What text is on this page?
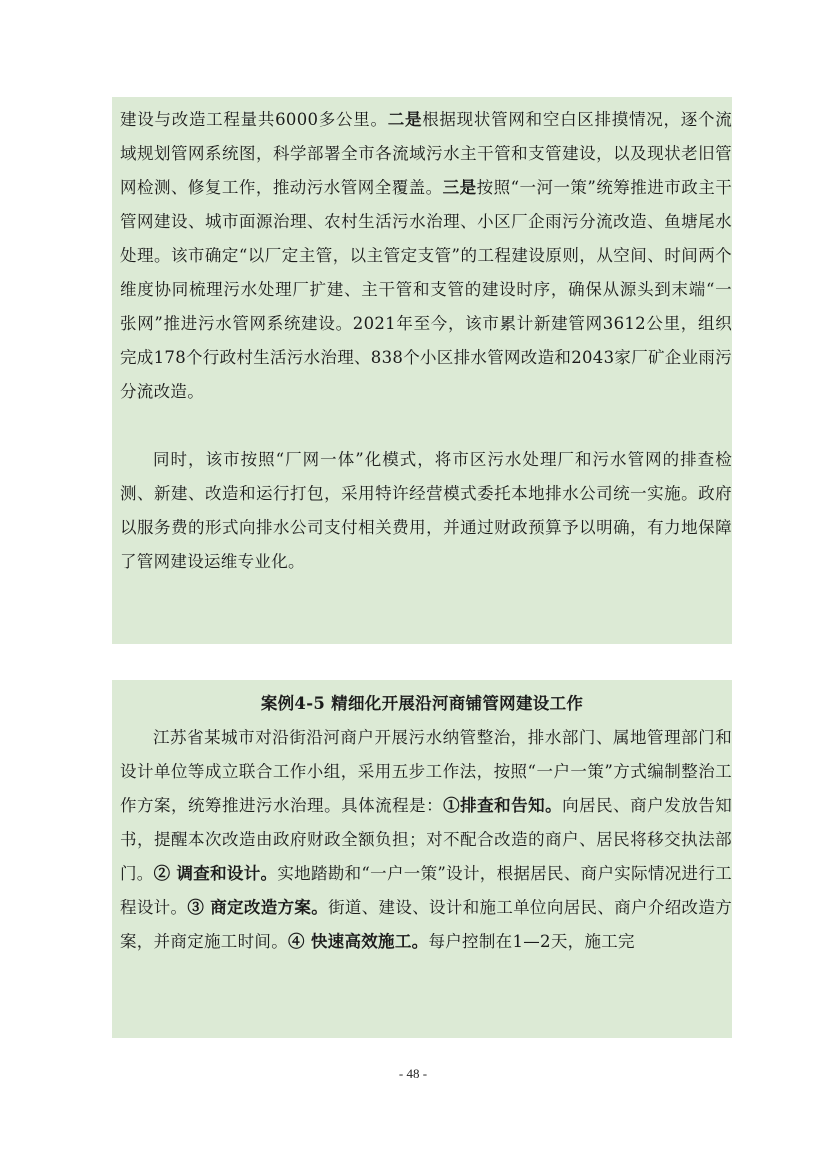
建设与改造工程量共6000多公里。二是根据现状管网和空白区排摸情况，逐个流域规划管网系统图，科学部署全市各流域污水主干管和支管建设，以及现状老旧管网检测、修复工作，推动污水管网全覆盖。三是按照“一河一策”统筹推进市政主干管网建设、城市面源治理、农村生活污水治理、小区厂企雨污分流改造、鱼塘尾水处理。该市确定“以厂定主管，以主管定支管”的工程建设原则，从空间、时间两个维度协同梳理污水处理厂扩建、主干管和支管的建设时序，确保从源头到末端“一张网”推进污水管网系统建设。2021年至今，该市累计新建管网3612公里，组织完成178个行政村生活污水治理、838个小区排水管网改造和2043家厂矿企业雨污分流改造。

同时，该市按照“厂网一体”化模式，将市区污水处理厂和污水管网的排查检测、新建、改造和运行打包，采用特许经营模式委托本地排水公司统一实施。政府以服务费的形式向排水公司支付相关费用，并通过财政预算予以明确，有力地保障了管网建设运维专业化。

案例4-5 精细化开展沿河商铺管网建设工作

江苏省某城市对沿街沿河商户开展污水纳管整治，排水部门、属地管理部门和设计单位等成立联合工作小组，采用五步工作法，按照“一户一策”方式编制整治工作方案，统筹推进污水治理。具体流程是：①排查和告知。向居民、商户发放告知书，提醒本次改造由政府财政全额负担；对不配合改造的商户、居民将移交执法部门。② 调查和设计。实地踏勘和“一户一策”设计，根据居民、商户实际情况进行工程设计。③ 商定改造方案。街道、建设、设计和施工单位向居民、商户介绍改造方案，并商定施工时间。④ 快速高效施工。每户控制在1—2天，施工完

- 48 -
